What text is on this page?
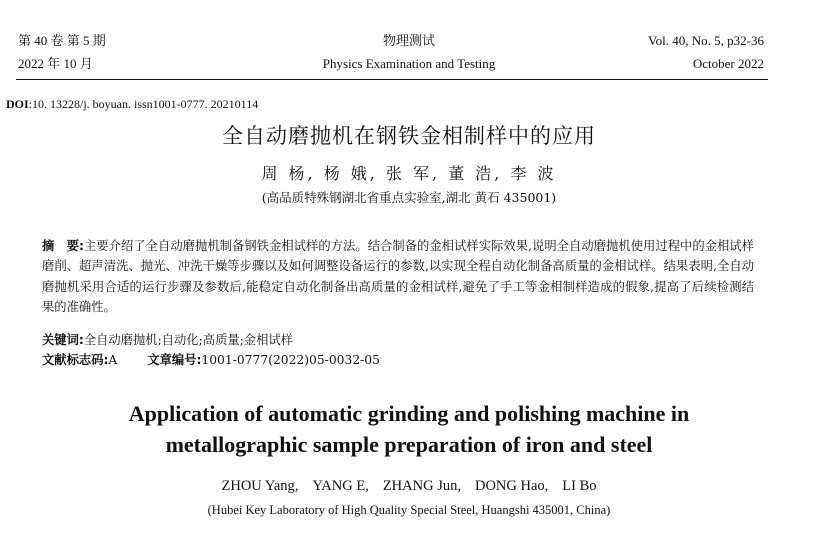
第 40 卷 第 5 期
2022 年 10 月
物理测试
Physics Examination and Testing
Vol. 40, No. 5, p32-36
October 2022
DOI:10. 13228/j. boyuan. issn1001-0777. 20210114
全自动磨抛机在钢铁金相制样中的应用
周 杨, 杨 娥, 张 军, 董 浩, 李 波
(高品质特殊钢湖北省重点实验室,湖北 黄石 435001)
摘　要:主要介绍了全自动磨抛机制备钢铁金相试样的方法。结合制备的金相试样实际效果,说明全自动磨抛机使用过程中的金相试样磨削、超声清洗、抛光、冲洗干燥等步骤以及如何调整设备运行的参数,以实现全程自动化制备高质量的金相试样。结果表明,全自动磨抛机采用合适的运行步骤及参数后,能稳定自动化制备出高质量的金相试样,避免了手工等金相制样造成的假象,提高了后续检测结果的准确性。
关键词:全自动磨抛机;自动化;高质量;金相试样
文献标志码:A 文章编号:1001-0777(2022)05-0032-05
Application of automatic grinding and polishing machine in
metallographic sample preparation of iron and steel
ZHOU Yang, YANG E, ZHANG Jun, DONG Hao, LI Bo
(Hubei Key Laboratory of High Quality Special Steel, Huangshi 435001, China)
